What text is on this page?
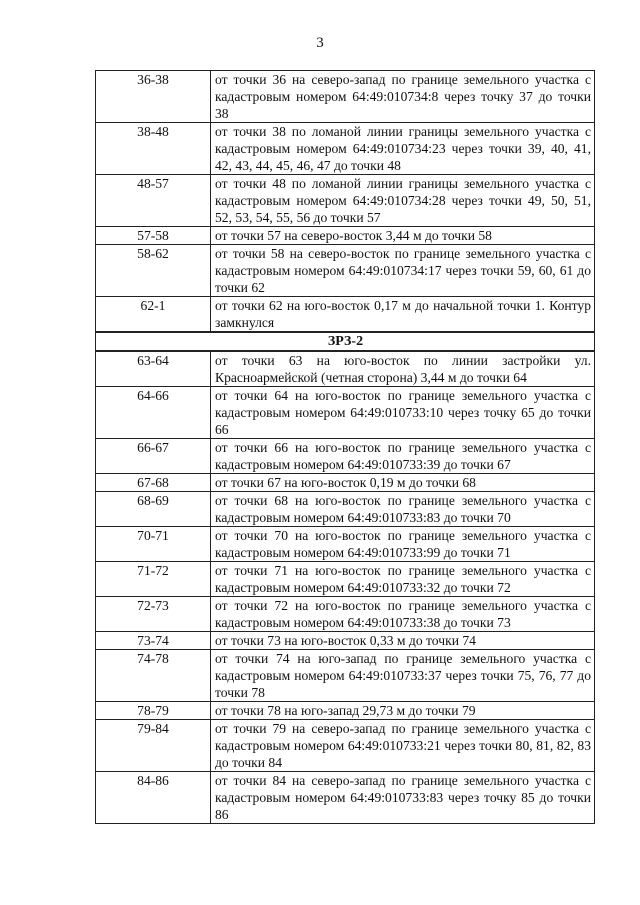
3
36-38	от точки 36 на северо-запад по границе земельного участка с кадастровым номером 64:49:010734:8 через точку 37 до точки 38
38-48	от точки 38 по ломаной линии границы земельного участка с кадастровым номером 64:49:010734:23 через точки 39, 40, 41, 42, 43, 44, 45, 46, 47 до точки 48
48-57	от точки 48 по ломаной линии границы земельного участка с кадастровым номером 64:49:010734:28 через точки 49, 50, 51, 52, 53, 54, 55, 56 до точки 57
57-58	от точки 57 на северо-восток 3,44 м до точки 58
58-62	от точки 58 на северо-восток по границе земельного участка с кадастровым номером 64:49:010734:17 через точки 59, 60, 61 до точки 62
62-1	от точки 62 на юго-восток 0,17 м до начальной точки 1. Контур замкнулся
ЗРЗ-2	
63-64	от точки 63 на юго-восток по линии застройки ул. Красноармейской (четная сторона) 3,44 м до точки 64
64-66	от точки 64 на юго-восток по границе земельного участка с кадастровым номером 64:49:010733:10 через точку 65 до точки 66
66-67	от точки 66 на юго-восток по границе земельного участка с кадастровым номером 64:49:010733:39 до точки 67
67-68	от точки 67 на юго-восток 0,19 м до точки 68
68-69	от точки 68 на юго-восток по границе земельного участка с кадастровым номером 64:49:010733:83 до точки 70
70-71	от точки 70 на юго-восток по границе земельного участка с кадастровым номером 64:49:010733:99 до точки 71
71-72	от точки 71 на юго-восток по границе земельного участка с кадастровым номером 64:49:010733:32 до точки 72
72-73	от точки 72 на юго-восток по границе земельного участка с кадастровым номером 64:49:010733:38 до точки 73
73-74	от точки 73 на юго-восток 0,33 м до точки 74
74-78	от точки 74 на юго-запад по границе земельного участка с кадастровым номером 64:49:010733:37 через точки 75, 76, 77 до точки 78
78-79	от точки 78 на юго-запад 29,73 м до точки 79
79-84	от точки 79 на северо-запад по границе земельного участка с кадастровым номером 64:49:010733:21 через точки 80, 81, 82, 83 до точки 84
84-86	от точки 84 на северо-запад по границе земельного участка с кадастровым номером 64:49:010733:83 через точку 85 до точки 86
